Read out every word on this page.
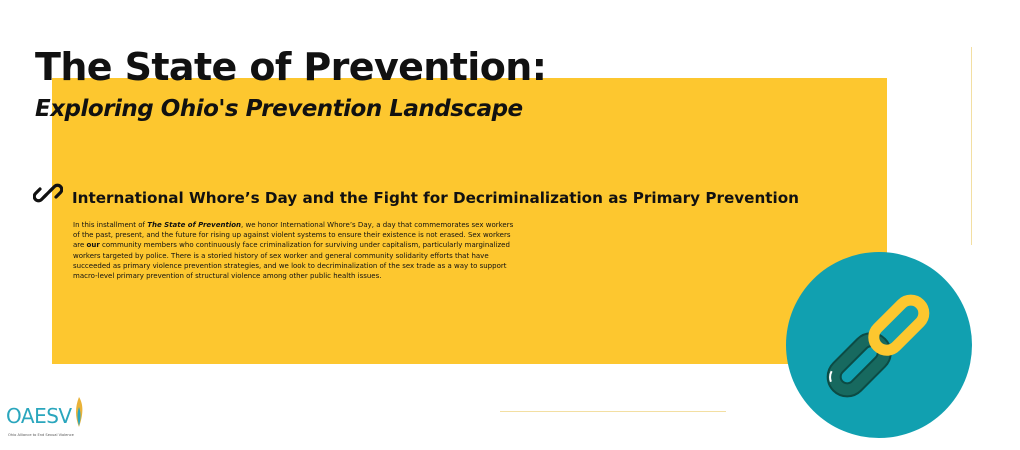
The State of Prevention:
Exploring Ohio's Prevention Landscape
International Whore’s Day and the Fight for Decriminalization as Primary Prevention

In this installment of The State of Prevention, we honor International Whore’s Day, a day that commemorates sex workers of the past, present, and the future for rising up against violent systems to ensure their existence is not erased. Sex workers are our community members who continuously face criminalization for surviving under capitalism, particularly marginalized workers targeted by police. There is a storied history of sex worker and general community solidarity efforts that have succeeded as primary violence prevention strategies, and we look to decriminalization of the sex trade as a way to support macro-level primary prevention of structural violence among other public health issues.

OAESV
Ohio Alliance to End Sexual Violence
